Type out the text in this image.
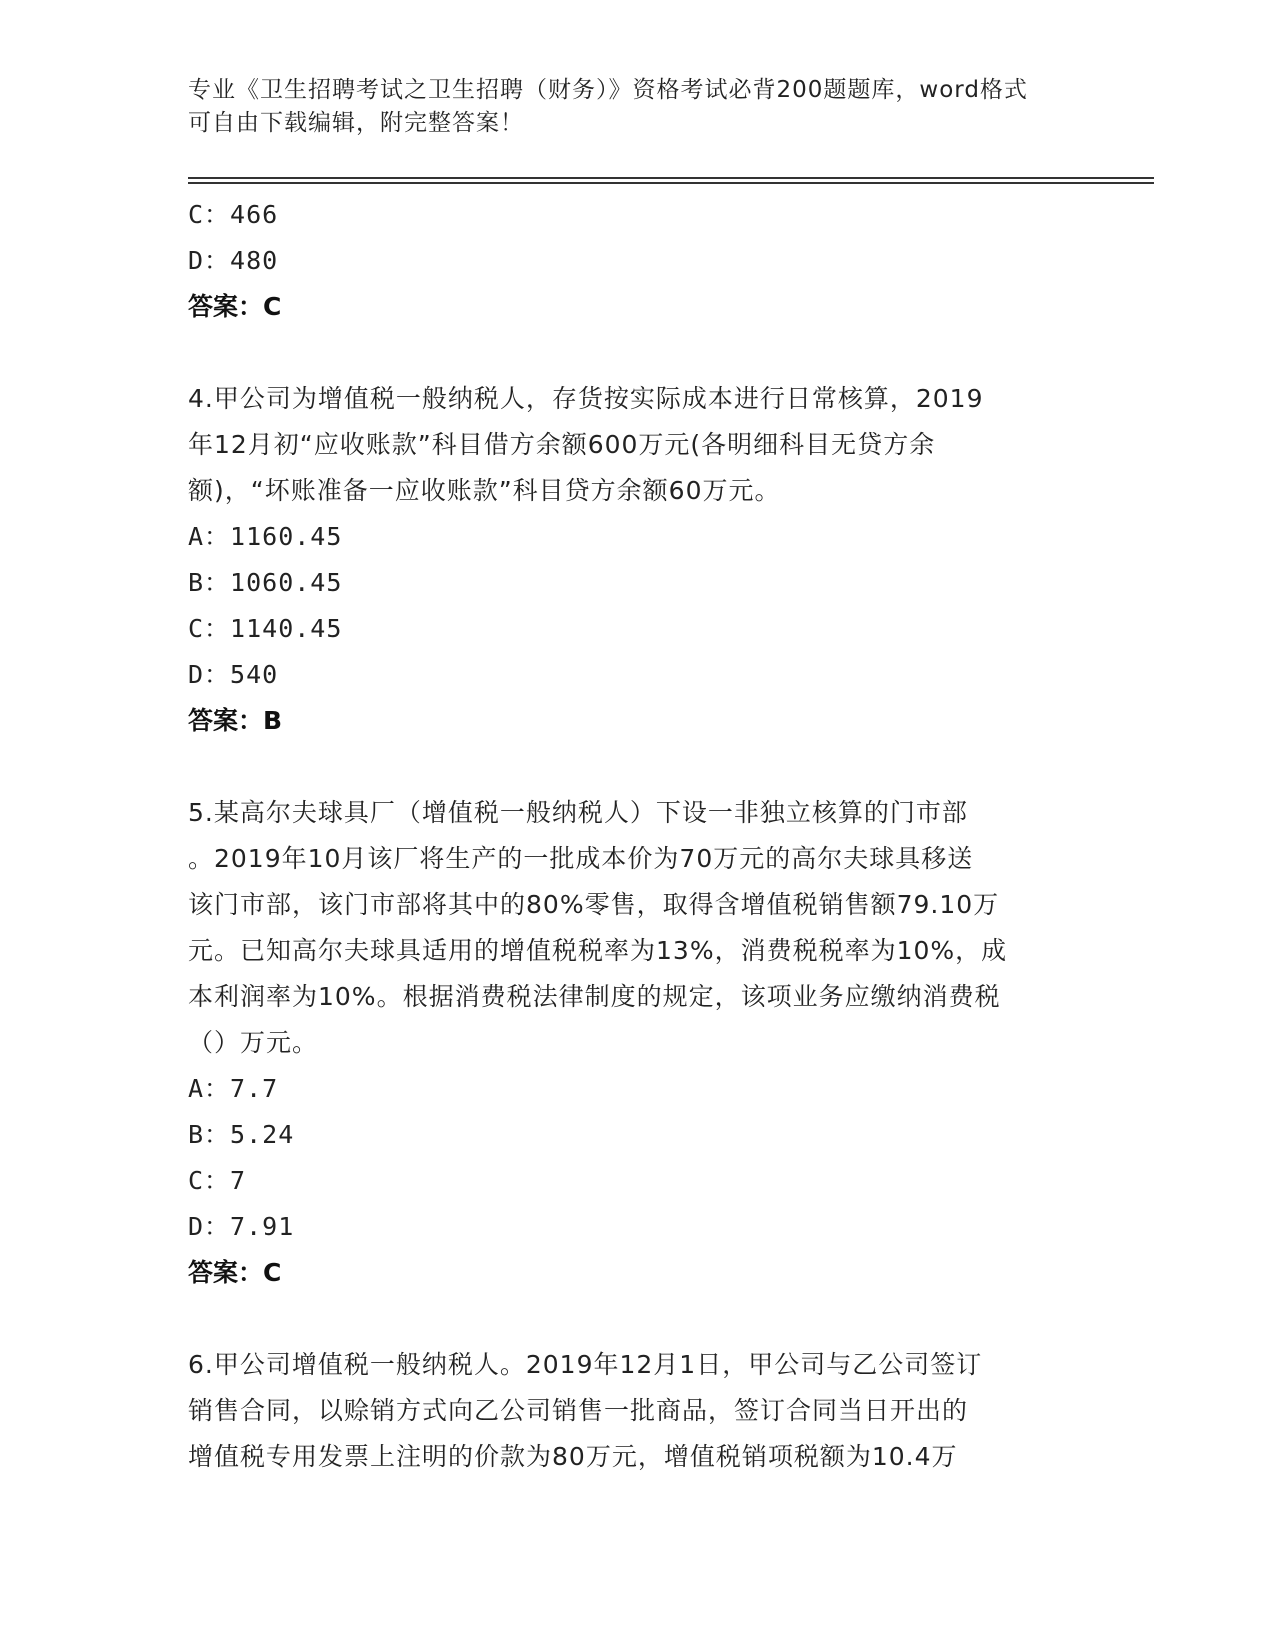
专业《卫生招聘考试之卫生招聘（财务）》资格考试必背200题题库，word格式
可自由下载编辑，附完整答案！
C：466
D：480
答案：C
4.甲公司为增值税一般纳税人，存货按实际成本进行日常核算，2019
年12月初“应收账款”科目借方余额600万元(各明细科目无贷方余
额)，“坏账准备一应收账款”科目贷方余额60万元。
A：1160.45
B：1060.45
C：1140.45
D：540
答案：B
5.某高尔夫球具厂（增值税一般纳税人）下设一非独立核算的门市部
。2019年10月该厂将生产的一批成本价为70万元的高尔夫球具移送
该门市部，该门市部将其中的80%零售，取得含增值税销售额79.10万
元。已知高尔夫球具适用的增值税税率为13%，消费税税率为10%，成
本利润率为10%。根据消费税法律制度的规定，该项业务应缴纳消费税
（）万元。
A：7.7
B：5.24
C：7
D：7.91
答案：C
6.甲公司增值税一般纳税人。2019年12月1日，甲公司与乙公司签订
销售合同，以赊销方式向乙公司销售一批商品，签订合同当日开出的
增值税专用发票上注明的价款为80万元，增值税销项税额为10.4万
